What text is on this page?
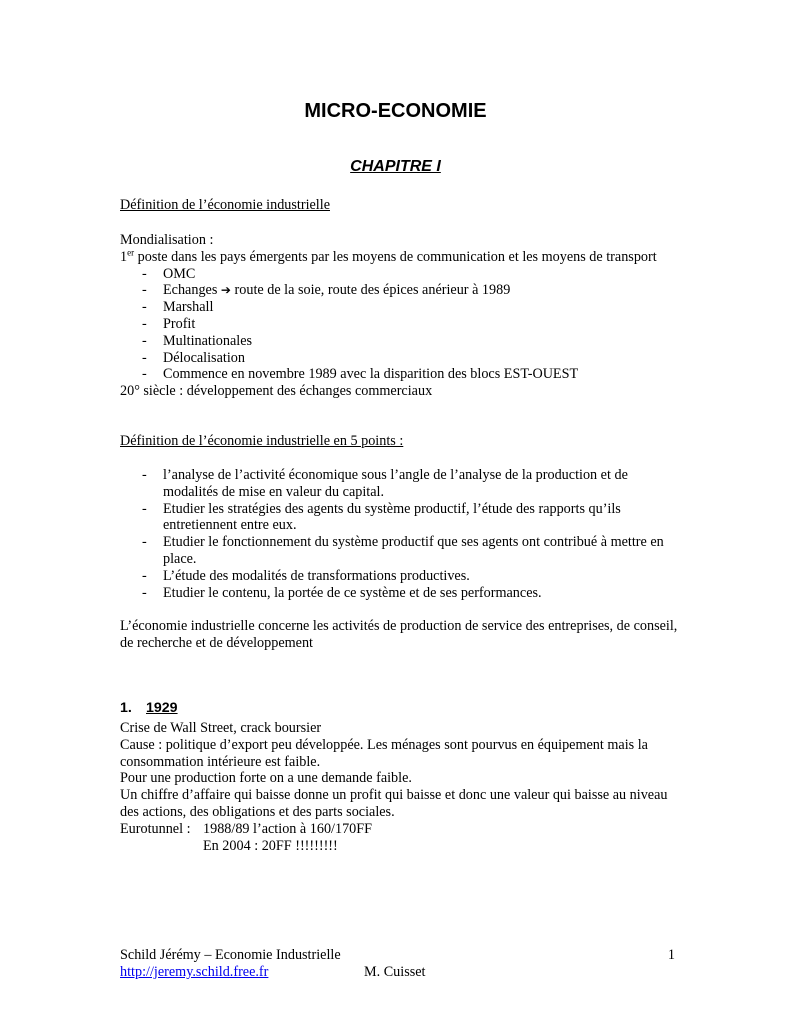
MICRO-ECONOMIE
CHAPITRE I
Définition de l’économie industrielle
Mondialisation :
1er poste dans les pays émergents par les moyens de communication et les moyens de transport
- OMC
- Echanges ➔ route de la soie, route des épices anérieur à 1989
- Marshall
- Profit
- Multinationales
- Délocalisation
- Commence en novembre 1989 avec la disparition des blocs EST-OUEST
20° siècle : développement des échanges commerciaux
Définition de l’économie industrielle en 5 points :
- l’analyse de l’activité économique sous l’angle de l’analyse de la production et de modalités de mise en valeur du capital.
- Etudier les stratégies des agents du système productif, l’étude des rapports qu’ils entretiennent entre eux.
- Etudier le fonctionnement du système productif que ses agents ont contribué à mettre en place.
- L’étude des modalités de transformations productives.
- Etudier le contenu, la portée de ce système et de ses performances.
L’économie industrielle concerne les activités de production de service des entreprises, de conseil, de recherche et de développement
1. 1929
Crise de Wall Street, crack boursier
Cause : politique d’export peu développée. Les ménages sont pourvus en équipement mais la consommation intérieure est faible.
Pour une production forte on a une demande faible.
Un chiffre d’affaire qui baisse donne un profit qui baisse et donc une valeur qui baisse au niveau des actions, des obligations et des parts sociales.
Eurotunnel : 1988/89 l’action à 160/170FF
En 2004 : 20FF !!!!!!!!!
Schild Jérémy – Economie Industrielle	1
http://jeremy.schild.free.fr	M. Cuisset
